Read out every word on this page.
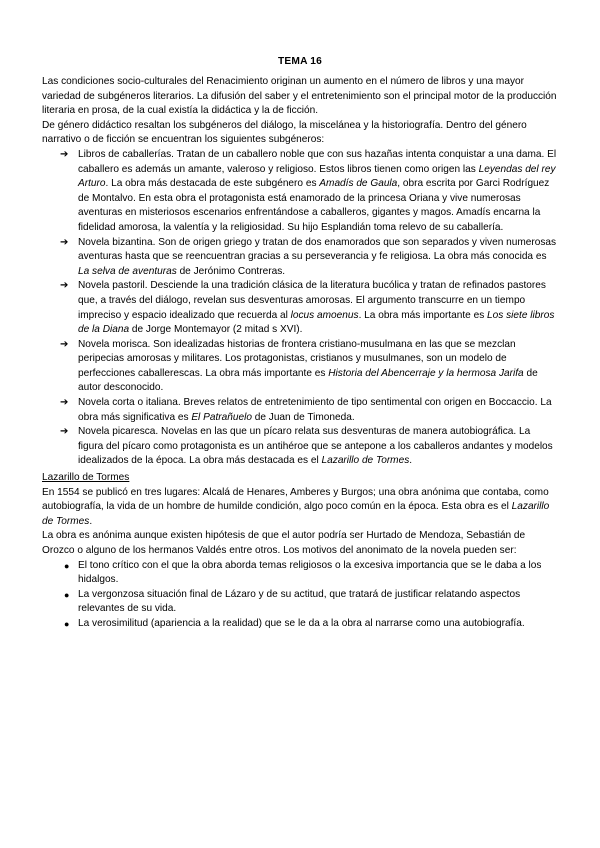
TEMA 16

Las condiciones socio-culturales del Renacimiento originan un aumento en el número de libros y una mayor variedad de subgéneros literarios. La difusión del saber y el entretenimiento son el principal motor de la producción literaria en prosa, de la cual existía la didáctica y la de ficción.

De género didáctico resaltan los subgéneros del diálogo, la miscelánea y la historiografía. Dentro del género narrativo o de ficción se encuentran los siguientes subgéneros:

➔ Libros de caballerías. Tratan de un caballero noble que con sus hazañas intenta conquistar a una dama. El caballero es además un amante, valeroso y religioso. Estos libros tienen como origen las Leyendas del rey Arturo. La obra más destacada de este subgénero es Amadís de Gaula, obra escrita por Garci Rodríguez de Montalvo. En esta obra el protagonista está enamorado de la princesa Oriana y vive numerosas aventuras en misteriosos escenarios enfrentándose a caballeros, gigantes y magos. Amadís encarna la fidelidad amorosa, la valentía y la religiosidad. Su hijo Esplandián toma relevo de su caballería.
➔ Novela bizantina. Son de origen griego y tratan de dos enamorados que son separados y viven numerosas aventuras hasta que se reencuentran gracias a su perseverancia y fe religiosa. La obra más conocida es La selva de aventuras de Jerónimo Contreras.
➔ Novela pastoril. Desciende la una tradición clásica de la literatura bucólica y tratan de refinados pastores que, a través del diálogo, revelan sus desventuras amorosas. El argumento transcurre en un tiempo impreciso y espacio idealizado que recuerda al locus amoenus. La obra más importante es Los siete libros de la Diana de Jorge Montemayor (2 mitad s XVI).
➔ Novela morisca. Son idealizadas historias de frontera cristiano-musulmana en las que se mezclan peripecias amorosas y militares. Los protagonistas, cristianos y musulmanes, son un modelo de perfecciones caballerescas. La obra más importante es Historia del Abencerraje y la hermosa Jarifa de autor desconocido.
➔ Novela corta o italiana. Breves relatos de entretenimiento de tipo sentimental con origen en Boccaccio. La obra más significativa es El Patrañuelo de Juan de Timoneda.
➔ Novela picaresca. Novelas en las que un pícaro relata sus desventuras de manera autobiográfica. La figura del pícaro como protagonista es un antihéroe que se antepone a los caballeros andantes y modelos idealizados de la época. La obra más destacada es el Lazarillo de Tormes.
Lazarillo de Tormes

En 1554 se publicó en tres lugares: Alcalá de Henares, Amberes y Burgos; una obra anónima que contaba, como autobiografía, la vida de un hombre de humilde condición, algo poco común en la época. Esta obra es el Lazarillo de Tormes.

La obra es anónima aunque existen hipótesis de que el autor podría ser Hurtado de Mendoza, Sebastián de Orozco o alguno de los hermanos Valdés entre otros. Los motivos del anonimato de la novela pueden ser:

● El tono crítico con el que la obra aborda temas religiosos o la excesiva importancia que se le daba a los hidalgos.
● La vergonzosa situación final de Lázaro y de su actitud, que tratará de justificar relatando aspectos relevantes de su vida.
● La verosimilitud (apariencia a la realidad) que se le da a la obra al narrarse como una autobiografía.
